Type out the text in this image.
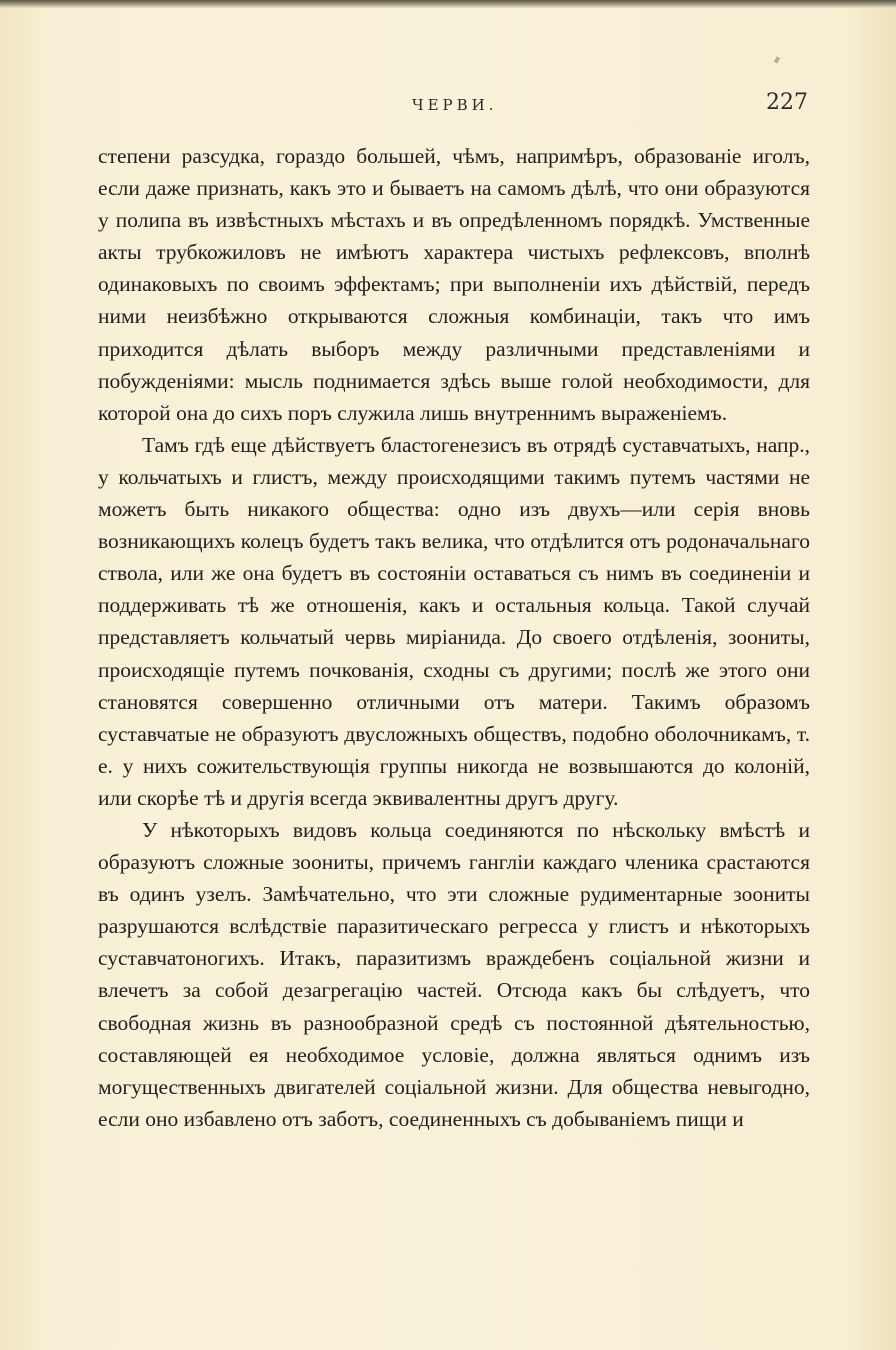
ЧЕРВИ.	227

степени разсудка, гораздо большей, чѣмъ, напримѣръ, образованіе иголъ, если даже признать, какъ это и бываетъ на самомъ дѣлѣ, что они образуются у полипа въ извѣстныхъ мѣстахъ и въ опредѣленномъ порядкѣ. Умственные акты трубкожиловъ не имѣютъ характера чистыхъ рефлексовъ, вполнѣ одинаковыхъ по своимъ эффектамъ; при выполненіи ихъ дѣйствій, передъ ними неизбѣжно открываются сложныя комбинаціи, такъ что имъ приходится дѣлать выборъ между различными представленіями и побужденіями: мысль поднимается здѣсь выше голой необходимости, для которой она до сихъ поръ служила лишь внутреннимъ выраженіемъ.

Тамъ гдѣ еще дѣйствуетъ бластогенезисъ въ отрядѣ суставчатыхъ, напр., у кольчатыхъ и глистъ, между происходящими такимъ путемъ частями не можетъ быть никакого общества: одно изъ двухъ—или серія вновь возникающихъ колецъ будетъ такъ велика, что отдѣлится отъ родоначальнаго ствола, или же она будетъ въ состояніи оставаться съ нимъ въ соединеніи и поддерживать тѣ же отношенія, какъ и остальныя кольца. Такой случай представляетъ кольчатый червь миріанида. До своего отдѣленія, зоониты, происходящіе путемъ почкованія, сходны съ другими; послѣ же этого они становятся совершенно отличными отъ матери. Такимъ образомъ суставчатые не образуютъ двусложныхъ обществъ, подобно оболочникамъ, т. е. у нихъ сожительствующія группы никогда не возвышаются до колоній, или скорѣе тѣ и другія всегда эквивалентны другъ другу.

У нѣкоторыхъ видовъ кольца соединяются по нѣскольку вмѣстѣ и образуютъ сложные зоониты, причемъ гангліи каждаго членика срастаются въ одинъ узелъ. Замѣчательно, что эти сложные рудиментарные зоониты разрушаются вслѣдствіе паразитическаго регресса у глистъ и нѣкоторыхъ суставчатоногихъ. Итакъ, паразитизмъ враждебенъ соціальной жизни и влечетъ за собой дезагрегацію частей. Отсюда какъ бы слѣдуетъ, что свободная жизнь въ разнообразной средѣ съ постоянной дѣятельностью, составляющей ея необходимое условіе, должна являться однимъ изъ могущественныхъ двигателей соціальной жизни. Для общества невыгодно, если оно избавлено отъ заботъ, соединенныхъ съ добываніемъ пищи и
